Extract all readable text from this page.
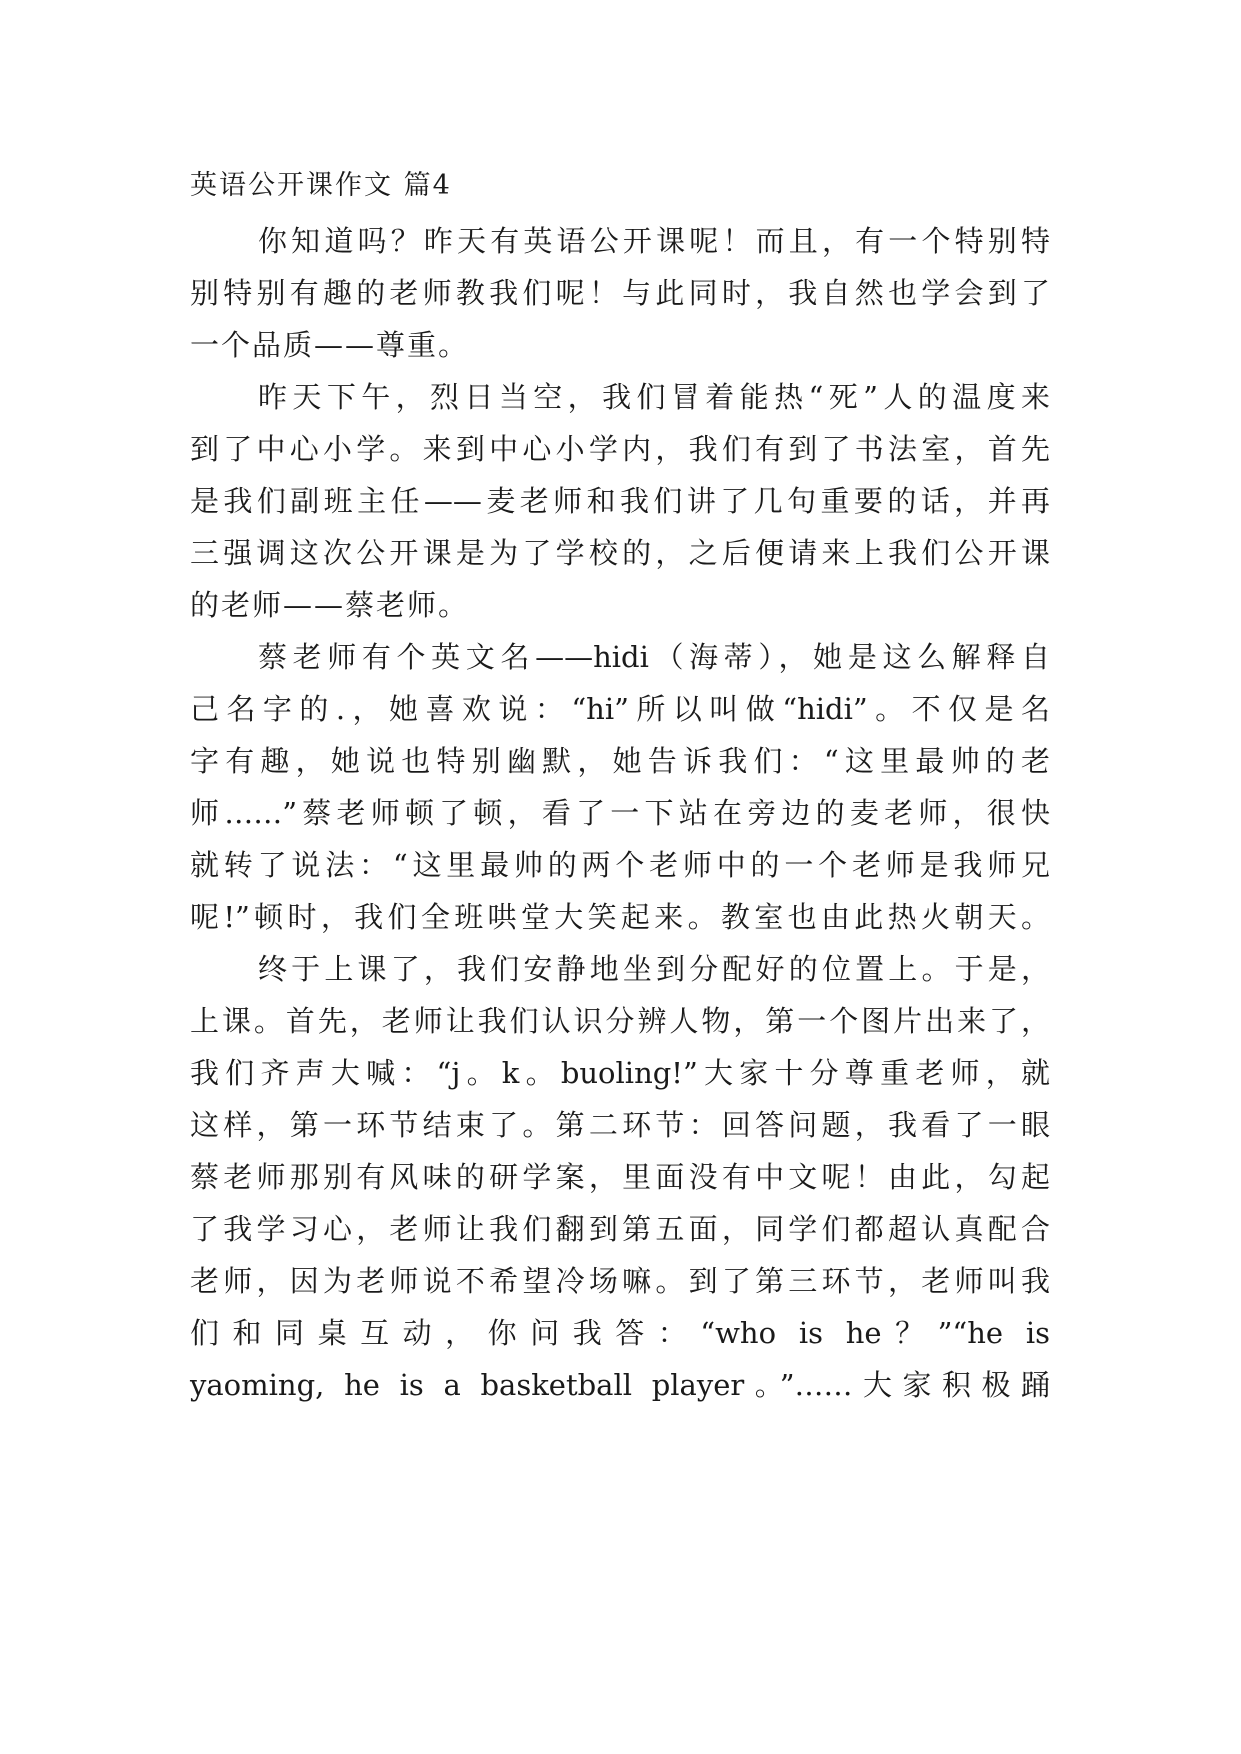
英语公开课作文 篇4
你知道吗？昨天有英语公开课呢！而且，有一个特别特
别特别有趣的老师教我们呢！与此同时，我自然也学会到了
一个品质——尊重。
昨天下午，烈日当空，我们冒着能热“死”人的温度来
到了中心小学。来到中心小学内，我们有到了书法室，首先
是我们副班主任——麦老师和我们讲了几句重要的话，并再
三强调这次公开课是为了学校的，之后便请来上我们公开课
的老师——蔡老师。
蔡老师有个英文名——hidi（海蒂），她是这么解释自
己名字的.，她喜欢说：“hi”所以叫做“hidi”。不仅是名
字有趣，她说也特别幽默，她告诉我们：“这里最帅的老
师……”蔡老师顿了顿，看了一下站在旁边的麦老师，很快
就转了说法：“这里最帅的两个老师中的一个老师是我师兄
呢!”顿时，我们全班哄堂大笑起来。教室也由此热火朝天。
终于上课了，我们安静地坐到分配好的位置上。于是，
上课。首先，老师让我们认识分辨人物，第一个图片出来了，
我们齐声大喊：“j。k。buoling!”大家十分尊重老师，就
这样，第一环节结束了。第二环节：回答问题，我看了一眼
蔡老师那别有风味的研学案，里面没有中文呢！由此，勾起
了我学习心，老师让我们翻到第五面，同学们都超认真配合
老师，因为老师说不希望冷场嘛。到了第三环节，老师叫我
们和同桌互动，你问我答：“who is he？”“he is
yaoming, he is a basketball player。”……大家积极踊
